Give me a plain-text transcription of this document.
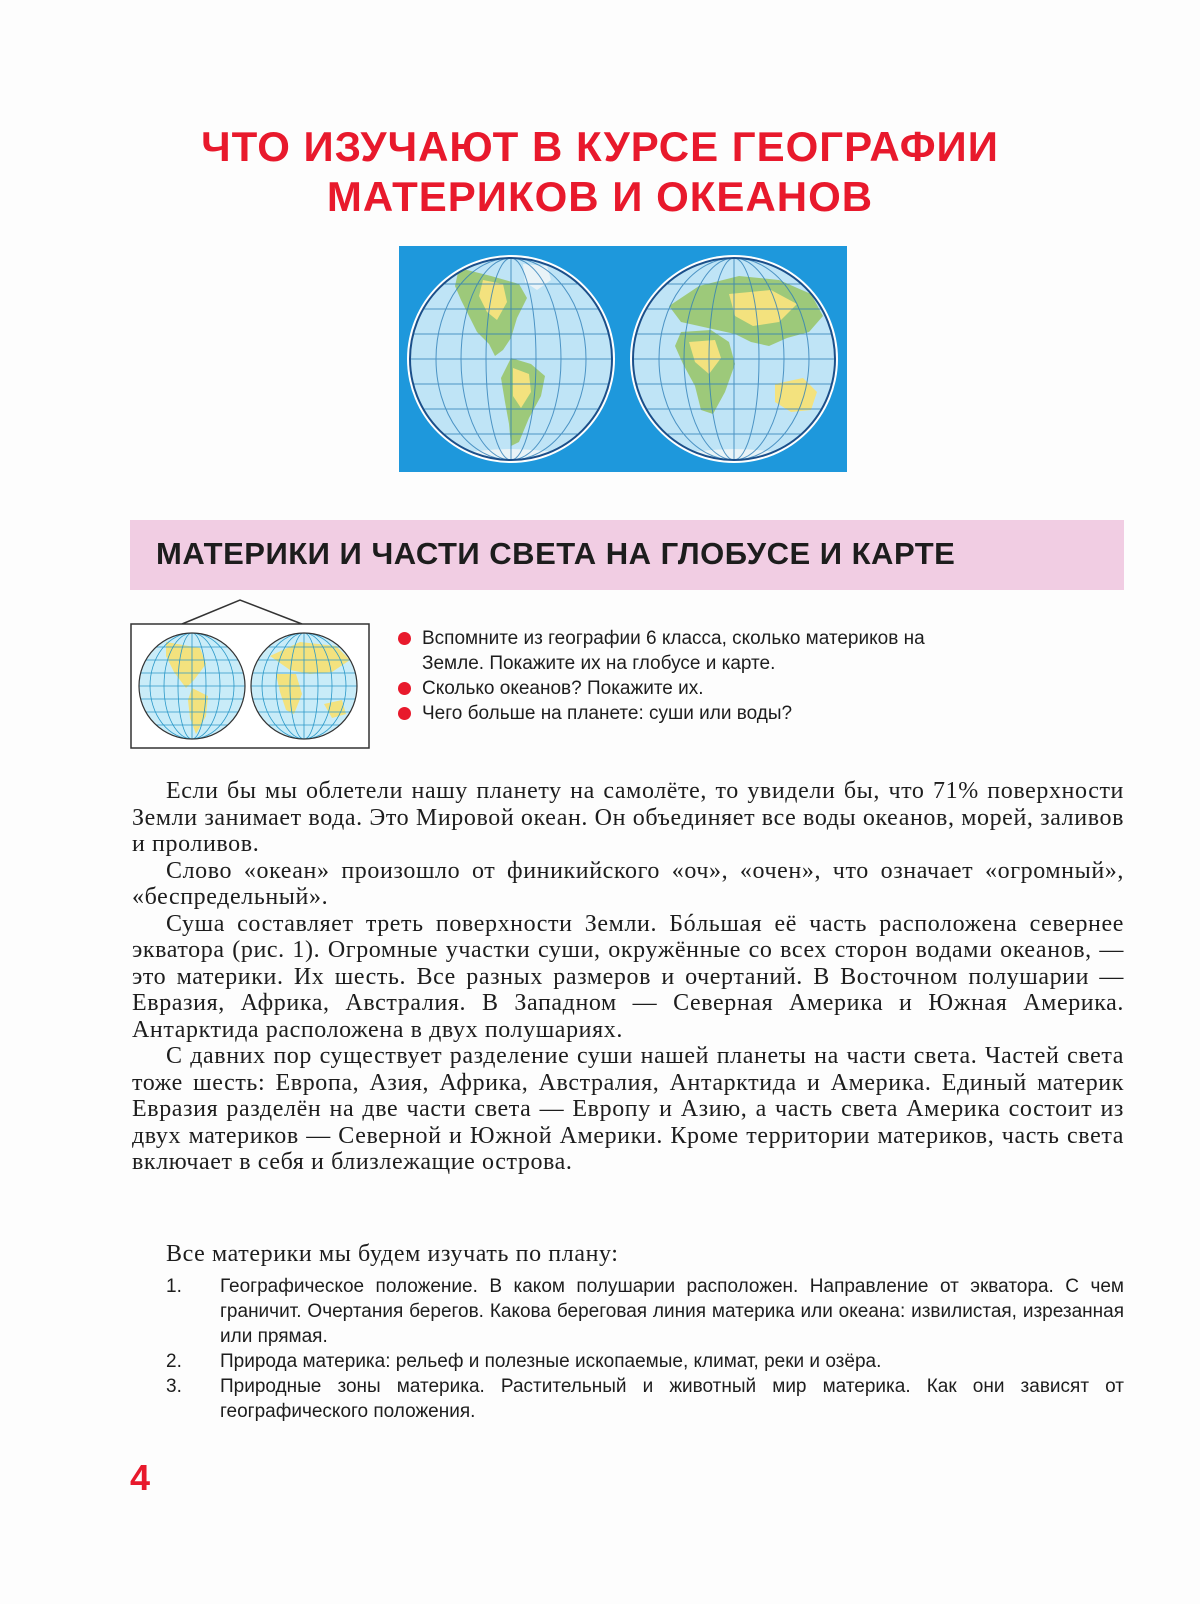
ЧТО ИЗУЧАЮТ В КУРСЕ ГЕОГРАФИИ
МАТЕРИКОВ И ОКЕАНОВ
МАТЕРИКИ И ЧАСТИ СВЕТА НА ГЛОБУСЕ И КАРТЕ
Вспомните из географии 6 класса, сколько материков на Земле. Покажите их на глобусе и карте.
Сколько океанов? Покажите их.
Чего больше на планете: суши или воды?

Если бы мы облетели нашу планету на самолёте, то увидели бы, что 71% поверхности Земли занимает вода. Это Мировой океан. Он объединяет все воды океанов, морей, заливов и проливов.

Слово «океан» произошло от финикийского «оч», «очен», что означает «огромный», «беспредельный».

Суша составляет треть поверхности Земли. Бóльшая её часть расположена севернее экватора (рис. 1). Огромные участки суши, окружённые со всех сторон водами океанов, — это материки. Их шесть. Все разных размеров и очертаний. В Восточном полушарии — Евразия, Африка, Австралия. В Западном — Северная Америка и Южная Америка. Антарктида расположена в двух полушариях.

С давних пор существует разделение суши нашей планеты на части света. Частей света тоже шесть: Европа, Азия, Африка, Австралия, Антарктида и Америка. Единый материк Евразия разделён на две части света — Европу и Азию, а часть света Америка состоит из двух материков — Северной и Южной Америки. Кроме территории материков, часть света включает в себя и близлежащие острова.

Все материки мы будем изучать по плану:

1. Географическое положение. В каком полушарии расположен. Направление от экватора. С чем граничит. Очертания берегов. Какова береговая линия материка или океана: извилистая, изрезанная или прямая.
2. Природа материка: рельеф и полезные ископаемые, климат, реки и озёра.
3. Природные зоны материка. Растительный и животный мир материка. Как они зависят от географического положения.
4
